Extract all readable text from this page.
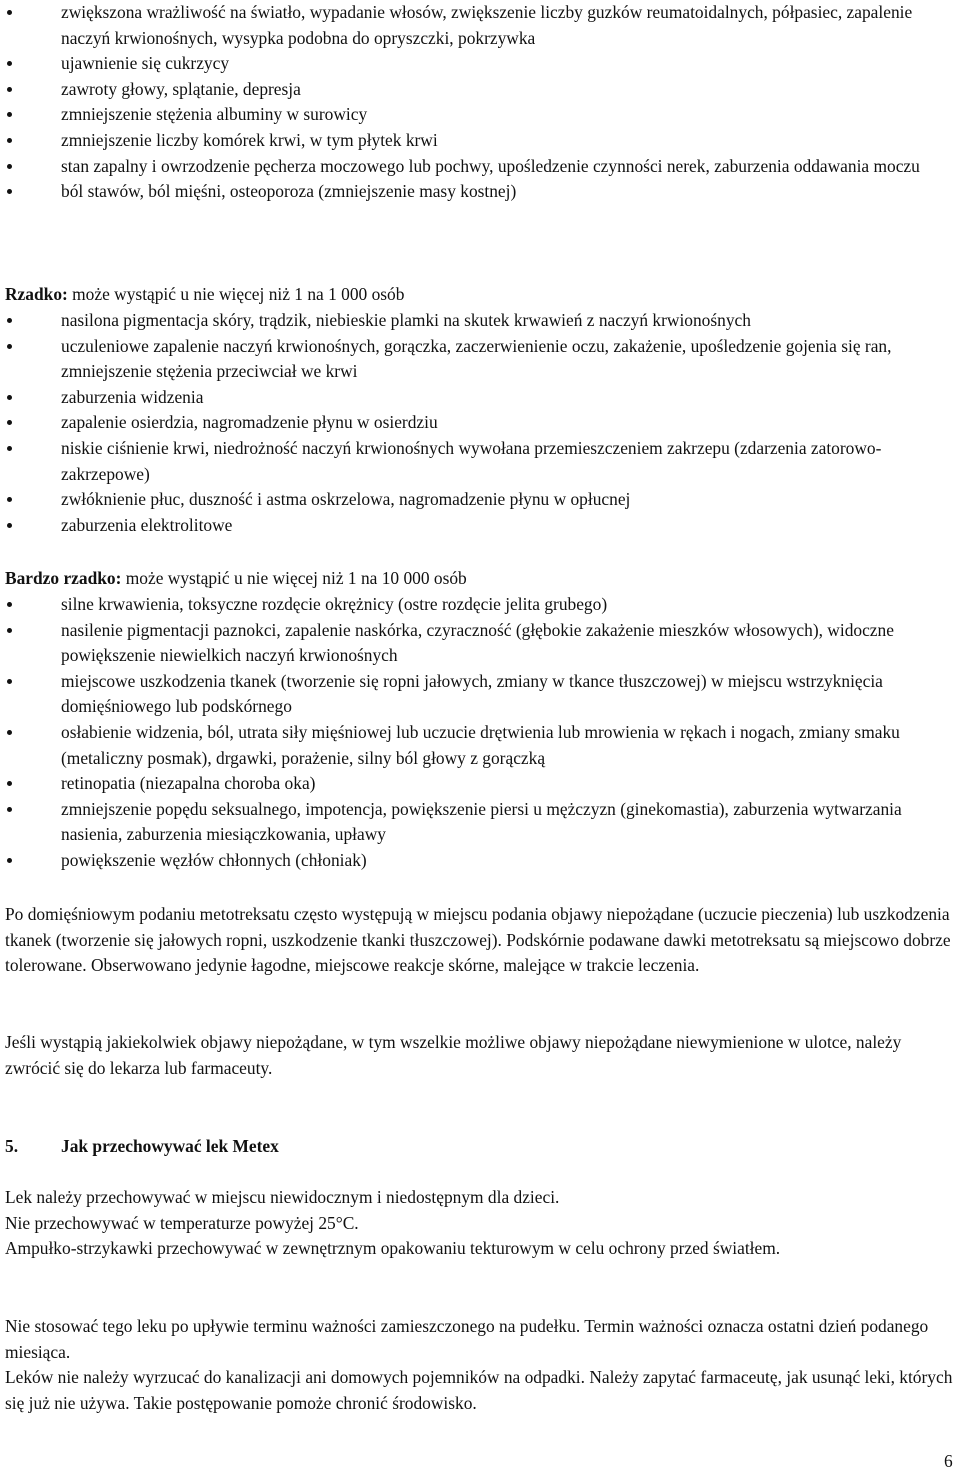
zwiększona wrażliwość na światło, wypadanie włosów, zwiększenie liczby guzków reumatoidalnych, półpasiec, zapalenie naczyń krwionośnych, wysypka podobna do opryszczki, pokrzywka
ujawnienie się cukrzycy
zawroty głowy, splątanie, depresja
zmniejszenie stężenia albuminy w surowicy
zmniejszenie liczby komórek krwi, w tym płytek krwi
stan zapalny i owrzodzenie pęcherza moczowego lub pochwy, upośledzenie czynności nerek, zaburzenia oddawania moczu
ból stawów, ból mięśni, osteoporoza (zmniejszenie masy kostnej)

Rzadko: może wystąpić u nie więcej niż 1 na 1 000 osób

nasilona pigmentacja skóry, trądzik, niebieskie plamki na skutek krwawień z naczyń krwionośnych
uczuleniowe zapalenie naczyń krwionośnych, gorączka, zaczerwienienie oczu, zakażenie, upośledzenie gojenia się ran, zmniejszenie stężenia przeciwciał we krwi
zaburzenia widzenia
zapalenie osierdzia, nagromadzenie płynu w osierdziu
niskie ciśnienie krwi, niedrożność naczyń krwionośnych wywołana przemieszczeniem zakrzepu (zdarzenia zatorowo-zakrzepowe)
zwłóknienie płuc, duszność i astma oskrzelowa, nagromadzenie płynu w opłucnej
zaburzenia elektrolitowe

Bardzo rzadko: może wystąpić u nie więcej niż 1 na 10 000 osób

silne krwawienia, toksyczne rozdęcie okrężnicy (ostre rozdęcie jelita grubego)
nasilenie pigmentacji paznokci, zapalenie naskórka, czyraczność (głębokie zakażenie mieszków włosowych), widoczne powiększenie niewielkich naczyń krwionośnych
miejscowe uszkodzenia tkanek (tworzenie się ropni jałowych, zmiany w tkance tłuszczowej) w miejscu wstrzyknięcia domięśniowego lub podskórnego
osłabienie widzenia, ból, utrata siły mięśniowej lub uczucie drętwienia lub mrowienia w rękach i nogach, zmiany smaku (metaliczny posmak), drgawki, porażenie, silny ból głowy z gorączką
retinopatia (niezapalna choroba oka)
zmniejszenie popędu seksualnego, impotencja, powiększenie piersi u mężczyzn (ginekomastia), zaburzenia wytwarzania nasienia, zaburzenia miesiączkowania, upławy
powiększenie węzłów chłonnych (chłoniak)

Po domięśniowym podaniu metotreksatu często występują w miejscu podania objawy niepożądane (uczucie pieczenia) lub uszkodzenia tkanek (tworzenie się jałowych ropni, uszkodzenie tkanki tłuszczowej). Podskórnie podawane dawki metotreksatu są miejscowo dobrze tolerowane. Obserwowano jedynie łagodne, miejscowe reakcje skórne, malejące w trakcie leczenia.

Jeśli wystąpią jakiekolwiek objawy niepożądane, w tym wszelkie możliwe objawy niepożądane niewymienione w ulotce, należy zwrócić się do lekarza lub farmaceuty.

5. Jak przechowywać lek Metex

Lek należy przechowywać w miejscu niewidocznym i niedostępnym dla dzieci.
Nie przechowywać w temperaturze powyżej 25°C.
Ampułko-strzykawki przechowywać w zewnętrznym opakowaniu tekturowym w celu ochrony przed światłem.
Nie stosować tego leku po upływie terminu ważności zamieszczonego na pudełku. Termin ważności oznacza ostatni dzień podanego miesiąca.
Leków nie należy wyrzucać do kanalizacji ani domowych pojemników na odpadki. Należy zapytać farmaceutę, jak usunąć leki, których się już nie używa. Takie postępowanie pomoże chronić środowisko.

6
